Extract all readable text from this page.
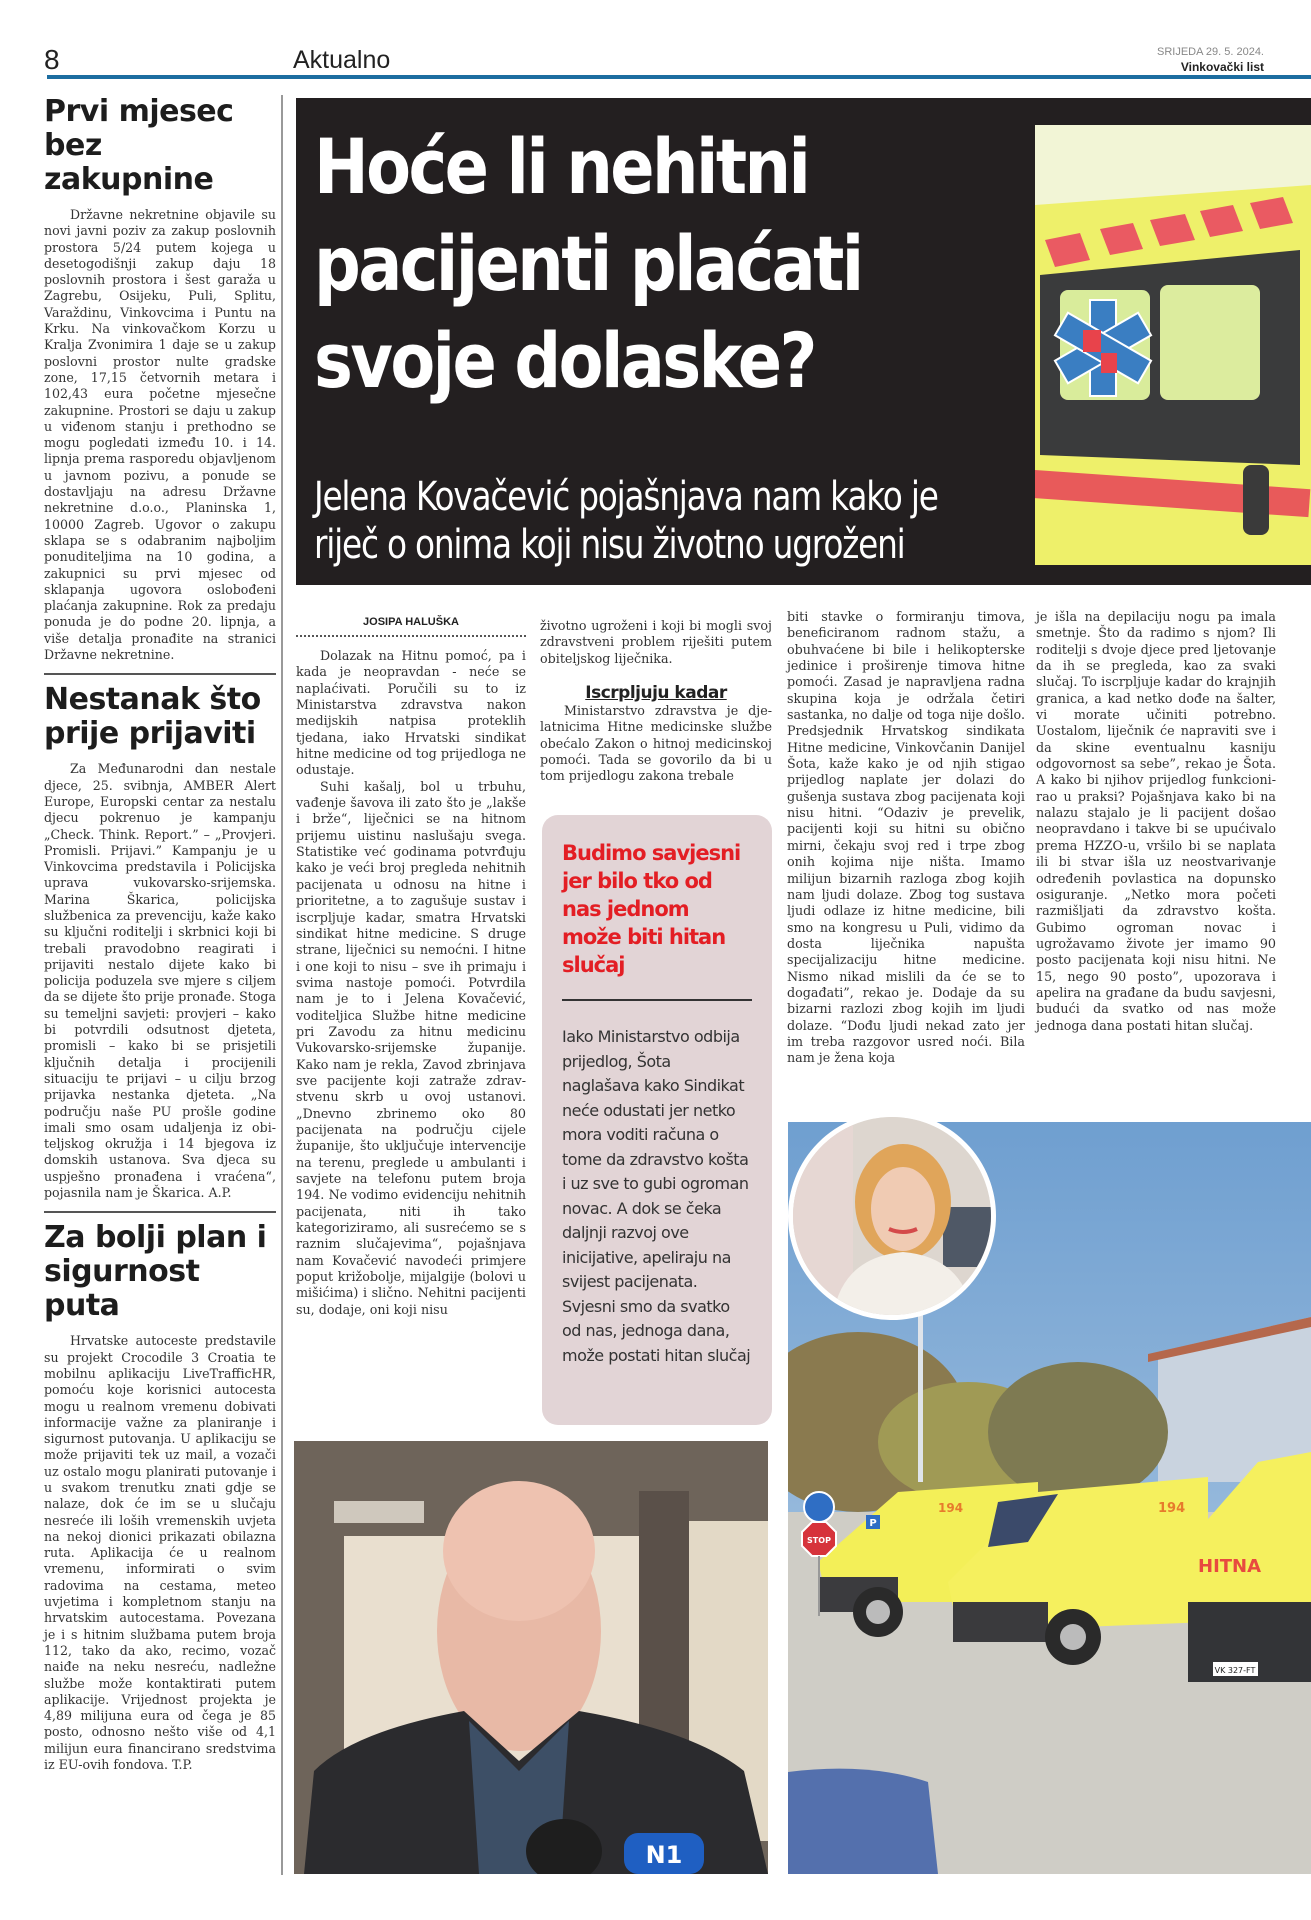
8	Aktualno	SRIJEDA 29. 5. 2024.
Vinkovački list
Prvi mjesec
bez zakupnine

Državne nekretnine objavile su novi javni poziv za zakup poslovnih prostora 5/24 putem kojega u desetogodišnji zakup daju 18 poslovnih prostora i šest garaža u Zagrebu, Osijeku, Puli, Splitu, Varaždinu, Vinkovcima i Puntu na Krku. Na vinkovačkom Korzu u Kralja Zvonimira 1 daje se u zakup poslovni prostor nulte gradske zone, 17,15 četvornih metara i 102,43 eura početne mjesečne zakupnine. Prostori se daju u zakup u viđenom stanju i prethodno se mogu pogledati između 10. i 14. lipnja prema rasporedu objavljenom u javnom pozivu, a ponude se dostavljaju na adresu Državne nekretnine d.o.o., Planinska 1, 10000 Zagreb. Ugovor o zakupu sklapa se s odabranim najboljim ponuditeljima na 10 godina, a zakupnici su prvi mjesec od sklapanja ugovora oslobođeni plaćanja zakupnine. Rok za predaju ponuda je do podne 20. lipnja, a više detalja pronađite na stranici Državne nekretnine.

Nestanak što
prije prijaviti

Za Međunarodni dan nestale djece, 25. svibnja, AMBER Alert Europe, Europski centar za nestalu djecu pokrenuo je kampanju „Check. Think. Report.” – „Provjeri. Promisli. Prijavi.” Kampanju je u Vinkovcima predstavila i Policijska uprava vukovarsko-srijemska. Marina Škarica, policijska službenica za prevenciju, kaže kako su ključni roditelji i skrbnici koji bi trebali pravodobno reagirati i prijaviti nestalo dijete kako bi policija poduzela sve mjere s ciljem da se dijete što prije pronađe. Stoga su temeljni savjeti: provjeri – kako bi potvrdili odsutnost djeteta, promisli – kako bi se prisjetili ključnih detalja i procijenili situaciju te prijavi – u cilju brzog prijavka nestanka djeteta. „Na području naše PU prošle godine imali smo osam udaljenja iz obiteljskog okružja i 14 bjegova iz domskih ustanova. Sva djeca su uspješno pronađena i vraćena“, pojasnila nam je Škarica. A.P.

Za bolji plan i
sigurnost puta

Hrvatske autoceste predstavile su projekt Crocodile 3 Croatia te mobilnu aplikaciju LiveTrafficHR, pomoću koje korisnici autocesta mogu u realnom vremenu dobivati informacije važne za planiranje i sigurnost putovanja. U aplikaciju se može prijaviti tek uz mail, a vozači uz ostalo mogu planirati putovanje i u svakom trenutku znati gdje se nalaze, dok će im se u slučaju nesreće ili loših vremenskih uvjeta na nekoj dionici prikazati obilazna ruta. Aplikacija će u realnom vremenu, informirati o svim radovima na cestama, meteo uvjetima i kompletnom stanju na hrvatskim autocestama. Povezana je i s hitnim službama putem broja 112, tako da ako, recimo, vozač naiđe na neku nesreću, nadležne službe može kontaktirati putem aplikacije. Vrijednost projekta je 4,89 milijuna eura od čega je 85 posto, odnosno nešto više od 4,1 milijun eura financirano sredstvima iz EU-ovih fondova. T.P.

Hoće li nehitni
pacijenti plaćati
svoje dolaske?
Jelena Kovačević pojašnjava nam kako je
riječ o onima koji nisu životno ugroženi
JOSIPA HALUŠKA

Dolazak na Hitnu pomoć, pa i kada je neopravdan - neće se naplaćivati. Poručili su to iz Ministarstva zdravstva nakon medijskih natpisa proteklih tjedana, iako Hrvatski sindikat hitne medicine od tog prijedloga ne odustaje.

Suhi kašalj, bol u trbuhu, vađenje šavova ili zato što je „lakše i brže“, liječnici se na hitnom prijemu uistinu naslušaju svega. Statistike već godinama potvrđuju kako je veći broj pregleda nehitnih pacijenata u odnosu na hitne i prioritetne, a to zagušuje sustav i iscrpljuje kadar, smatra Hrvatski sindikat hitne medicine. S druge strane, liječnici su nemoćni. I hitne i one koji to nisu – sve ih primaju i svima nastoje pomoći. Potvrdila nam je to i Jelena Kovačević, voditeljica Službe hitne medicine pri Zavodu za hitnu medicinu Vukovarsko-srijemske županije. Kako nam je rekla, Zavod zbrinjava sve pacijente koji zatraže zdravstvenu skrb u ovoj ustanovi. „Dnevno zbrinemo oko 80 pacijenata na području cijele županije, što uključuje intervencije na terenu, preglede u ambulanti i savjete na telefonu putem broja 194. Ne vodimo evidenciju nehitnih pacijenata, niti ih tako kategoriziramo, ali susrećemo se s raznim slučajevima“, pojašnjava nam Kovačević navodeći primjere poput križobolje, mijalgije (bolovi u mišićima) i slično. Nehitni pacijenti su, dodaje, oni koji nisu

životno ugroženi i koji bi mogli svoj zdravstveni problem riješiti putem obiteljskog liječnika.

Iscrpljuju kadar

Ministarstvo zdravstva je djelatnicima Hitne medicinske službe obećalo Zakon o hitnoj medicinskoj pomoći. Tada se govorilo da bi u tom prijedlogu zakona trebale

Budimo savjesni jer bilo tko od nas jednom može biti hitan slučaj
Iako Ministarstvo odbija prijedlog, Šota naglašava kako Sindikat neće odustati jer netko mora voditi računa o tome da zdravstvo košta i uz sve to gubi ogroman novac. A dok se čeka daljnji razvoj ove inicijative, apeliraju na svijest pacijenata. Svjesni smo da svatko od nas, jednoga dana, može postati hitan slučaj

biti stavke o formiranju timova, beneficiranom radnom stažu, a obuhvaćene bi bile i helikopterske jedinice i proširenje timova hitne pomoći. Zasad je napravljena radna skupina koja je održala četiri sastanka, no dalje od toga nije došlo. Predsjednik Hrvatskog sindikata Hitne medicine, Vinkovčanin Danijel Šota, kaže kako je od njih stigao prijedlog naplate jer dolazi do gušenja sustava zbog pacijenata koji nisu hitni. “Odaziv je prevelik, pacijenti koji su hitni su obično mirni, čekaju svoj red i trpe zbog onih kojima nije ništa. Imamo milijun bizarnih razloga zbog kojih nam ljudi dolaze. Zbog tog sustava ljudi odlaze iz hitne medicine, bili smo na kongresu u Puli, vidimo da dosta liječnika napušta specijalizaciju hitne medicine. Nismo nikad mislili da će se to događati”, rekao je. Dodaje da su bizarni razlozi zbog kojih im ljudi dolaze. “Dođu ljudi nekad zato jer im treba razgovor usred noći. Bila nam je žena koja

je išla na depilaciju nogu pa imala smetnje. Što da radimo s njom? Ili roditelji s dvoje djece pred ljetovanje da ih se pregleda, kao za svaki slučaj. To iscrpljuje kadar do krajnjih granica, a kad netko dođe na šalter, vi morate učiniti potrebno. Uostalom, liječnik će napraviti sve i da skine eventualnu kasniju odgovornost sa sebe”, rekao je Šota. A kako bi njihov prijedlog funkcionirao u praksi? Pojašnjava kako bi na nalazu stajalo je li pacijent došao neopravdano i takve bi se upućivalo prema HZZO-u, vršilo bi se naplata ili bi stvar išla uz neostvarivanje određenih povlastica na dopunsko osiguranje. „Netko mora početi razmišljati da zdravstvo košta. Gubimo ogroman novac i ugrožavamo živote jer imamo 90 posto pacijenata koji nisu hitni. Ne 15, nego 90 posto”, upozorava i apelira na građane da budu savjesni, budući da svatko od nas može jednoga dana postati hitan slučaj.

N1
194	194
HITNA
VK 327-FT
STOP
P
